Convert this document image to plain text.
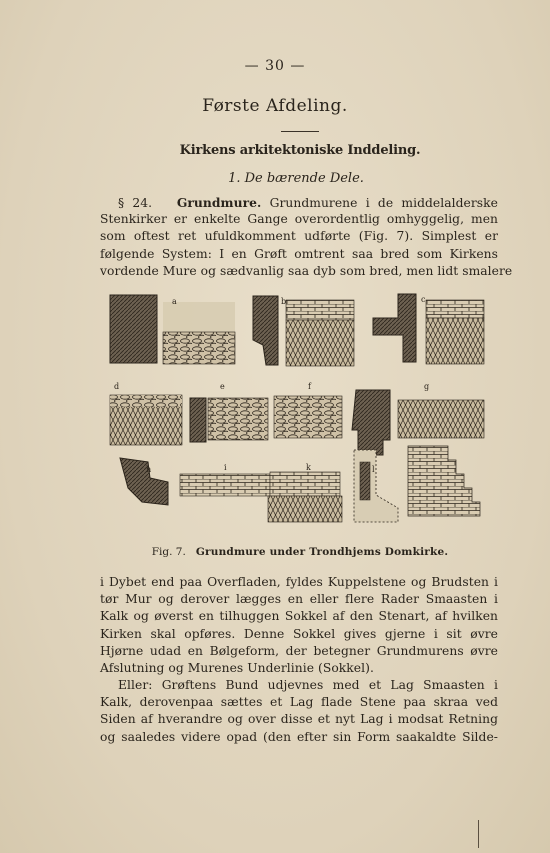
— 30 —
Første Afdeling.
Kirkens arkitektoniske Inddeling.
1. De bærende Dele.
§ 24. Grundmure. Grundmurene i de middelalderske
Stenkirker er enkelte Gange overordentlig omhyggelig, men
som oftest ret ufuldkomment udførte (Fig. 7). Simplest er
følgende System: I en Grøft omtrent saa bred som Kirkens
vordende Mure og sædvanlig saa dyb som bred, men lidt smalere
a	b	c
d	e	f	g
h	i	k	l
Fig. 7. Grundmure under Trondhjems Domkirke.
i Dybet end paa Overfladen, fyldes Kuppelstene og Brudsten i
tør Mur og derover lægges en eller flere Rader Smaasten i
Kalk og øverst en tilhuggen Sokkel af den Stenart, af hvilken
Kirken skal opføres. Denne Sokkel gives gjerne i sit øvre
Hjørne udad en Bølgeform, der betegner Grundmurens øvre
Afslutning og Murenes Underlinie (Sokkel).
Eller: Grøftens Bund udjevnes med et Lag Smaasten i
Kalk, derovenpaa sættes et Lag flade Stene paa skraa ved
Siden af hverandre og over disse et nyt Lag i modsat Retning
og saaledes videre opad (den efter sin Form saakaldte Silde-
